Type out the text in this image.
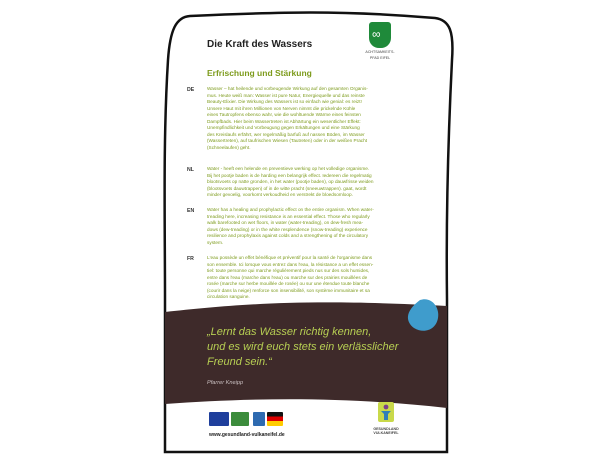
Die Kraft des Wassers
∞
ACHTSAMKEITS-
PFAD EIFEL
Erfrischung und Stärkung
DE	Wasser – hat heilende und vorbeugende Wirkung auf den gesamten Organis-
mus. Heute weiß man: Wasser ist pure Natur, Energiequelle und das reinste
Beauty-Elixier. Die Wirkung des Wassers ist so einfach wie genial: es reizt!
Unsere Haut mit ihren Millionen von Nerven nimmt die prickelnde Kühle
eines Tautropfens ebenso wahr, wie die wohltuende Wärme eines feinsten
Dampfbads. Hier beim Wassertreten ist Abhärtung ein wesentlicher Effekt:
Unempfindlichkeit und Vorbeugung gegen Erkältungen und eine Stärkung
des Kreislaufs erfährt, wer regelmäßig barfuß auf nassen Böden, im Wasser
(Wassertreten), auf taufrischen Wiesen (Tautreten) oder in der weißen Pracht
(Schneelaufen) geht.

NL	Water - heeft een helende en preventieve werking op het volledige organisme.
Bij het pootje baden is de harding een belangrijk effect. Iedereen die regelmatig
blootsvoets op natte gronden, in het water (pootje baden), op dauwfrisse weiden
(blootsvoets dauwtrappen) of in de witte pracht (sneeuwtrappen). gaat, wordt
minder gevoelig, voorkomt verkoudheid en verstrekt de bloedsomloop.

EN	Water has a healing and prophylactic effect on the entire organism. When water-
treading here, increasing resistance is an essential effect. Those who regularly
walk barefooted on wet floors, in water (water-treading), on dew-fresh mea-
dows (dew-treading) or in the white resplendence (snow-treading) experience
resilience and prophylaxis against colds and a strengthening of the circulatory
system.

FR	L'eau possède un effet bénéfique et préventif pour la santé de l'organisme dans
son ensemble. Ici lorsque vous entrez dans l'eau, la résistance a un effet essen-
tiel: toute personne qui marche régulièrement pieds nus sur des sols humides,
entre dans l'eau (marche dans l'eau) ou marche sur des prairies mouillées de
rosée (marche sur herbe mouillée de rosée) ou sur une étendue toute blanche
(courir dans la neige) renforce son insensibilité, son système immunitaire et sa
circulation sanguine.

„Lernt das Wasser richtig kennen,
und es wird euch stets ein verlässlicher
Freund sein.“

Pfarrer Kneipp
www.gesundland-vulkaneifel.de
GESUNDLAND
VULKANEIFEL
